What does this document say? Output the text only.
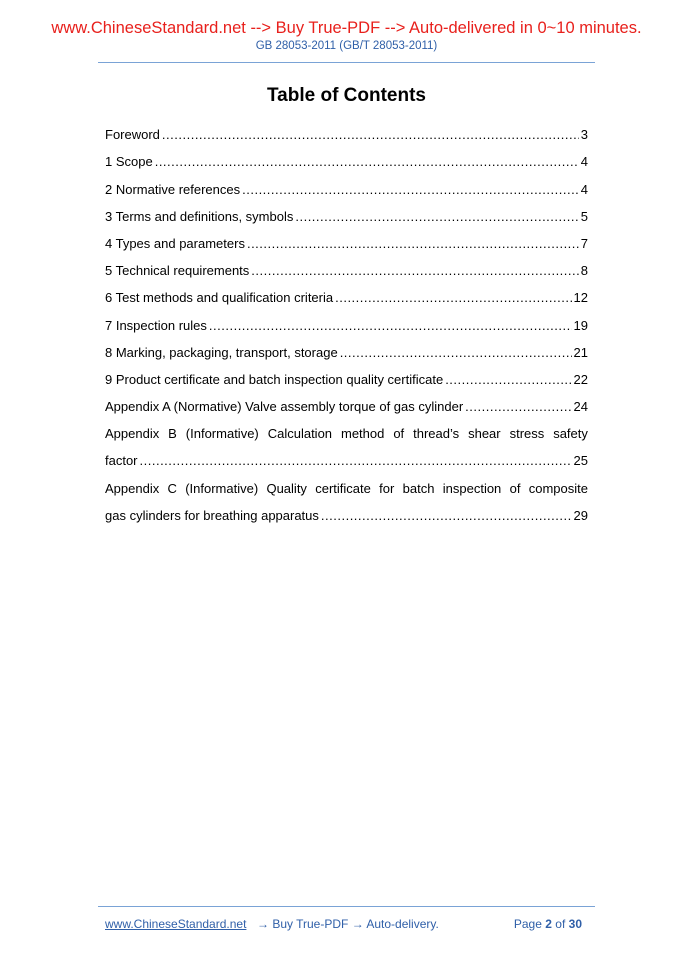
www.ChineseStandard.net --> Buy True-PDF --> Auto-delivered in 0~10 minutes.
GB 28053-2011 (GB/T 28053-2011)
Table of Contents
Foreword .....	3
1 Scope .....	4
2 Normative references .....	4
3 Terms and definitions, symbols .....	5
4 Types and parameters .....	7
5 Technical requirements .....	8
6 Test methods and qualification criteria .....	12
7 Inspection rules .....	19
8 Marking, packaging, transport, storage .....	21
9 Product certificate and batch inspection quality certificate .....	22
Appendix A (Normative) Valve assembly torque of gas cylinder .....	24
Appendix B (Informative) Calculation method of thread’s shear stress safety
factor .....	25
Appendix C (Informative) Quality certificate for batch inspection of composite
gas cylinders for breathing apparatus .....	29
www.ChineseStandard.net → Buy True-PDF → Auto-delivery.	Page 2 of 30
